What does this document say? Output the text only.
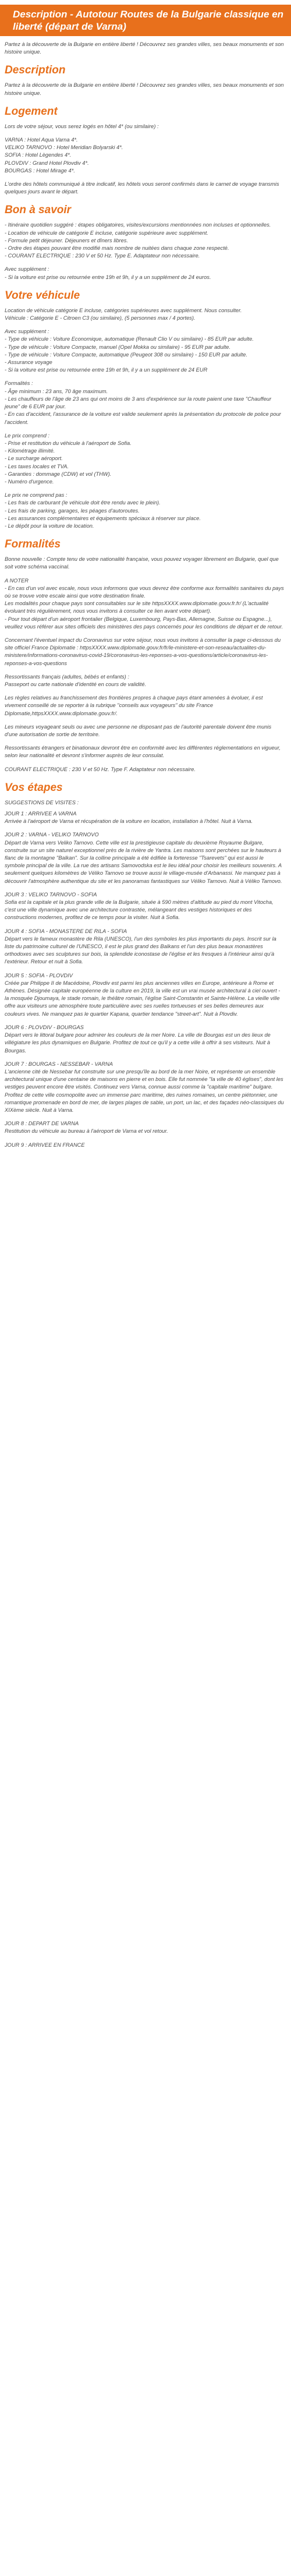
Description - Autotour Routes de la Bulgarie classique en liberté (départ de Varna)
Partez à la découverte de la Bulgarie en entière liberté ! Découvrez ses grandes villes, ses beaux monuments et son histoire unique.
Description
Partez à la découverte de la Bulgarie en entière liberté ! Découvrez ses grandes villes, ses beaux monuments et son histoire unique.
Logement
Lors de votre séjour, vous serez logés en hôtel 4* (ou similaire) :
VARNA : Hotel Aqua Varna 4*.
VELIKO TARNOVO : Hotel Meridian Bolyarski 4*.
SOFIA : Hotel Lègendes 4*.
PLOVDIV : Grand Hotel Plovdiv 4*.
BOURGAS : Hotel Mirage 4*.
L'ordre des hôtels communiqué à titre indicatif, les hôtels vous seront confirmés dans le carnet de voyage transmis quelques jours avant le départ.
Bon à savoir
- Itinéraire quotidien suggéré : étapes obligatoires, visites/excursions mentionnées non incluses et optionnelles.
- Location de véhicule de catégorie E incluse, catégorie supérieure avec supplément.
- Formule petit déjeuner. Déjeuners et dîners libres.
- Ordre des étapes pouvant être modifié mais nombre de nuitées dans chaque zone respecté.
- COURANT ELECTRIQUE : 230 V et 50 Hz. Type E. Adaptateur non nécessaire.
Avec supplément :
- Si la voiture est prise ou retournée entre 19h et 9h, il y a un supplément de 24 euros.
Votre véhicule
Location de véhicule catégorie E incluse, catégories supérieures avec supplément. Nous consulter.
Véhicule : Catégorie E - Citroen C3 (ou similaire), (5 personnes max / 4 portes).
Avec supplément :
- Type de véhicule : Voiture Economique, automatique (Renault Clio V ou similaire) - 85 EUR par adulte.
- Type de véhicule : Voiture Compacte, manuel (Opel Mokka ou similaire) - 95 EUR par adulte.
- Type de véhicule : Voiture Compacte, automatique (Peugeot 308 ou similaire) - 150 EUR par adulte.
- Assurance voyage
- Si la voiture est prise ou retournée entre 19h et 9h, il y a un supplément de 24 EUR
Formalités :
- Âge minimum : 23 ans, 70 âge maximum.
- Les chauffeurs de l'âge de 23 ans qui ont moins de 3 ans d'expérience sur la route paient une taxe "Chauffeur jeune" de 6 EUR par jour.
- En cas d'accident, l'assurance de la voiture est valide seulement après la présentation du protocole de police pour l'accident.
Le prix comprend :
- Prise et restitution du véhicule à l'aéroport de Sofia.
- Kilométrage illimité.
- Le surcharge aéroport.
- Les taxes locales et TVA.
- Garanties : dommage (CDW) et vol (THW).
- Numéro d'urgence.
Le prix ne comprend pas :
- Les frais de carburant (le véhicule doit être rendu avec le plein).
- Les frais de parking, garages, les péages d'autoroutes.
- Les assurances complémentaires et équipements spéciaux à réserver sur place.
- Le dépôt pour la voiture de location.
Formalités
Bonne nouvelle : Compte tenu de votre nationalité française, vous pouvez voyager librement en Bulgarie, quel que soit votre schéma vaccinal.
A NOTER
- En cas d'un vol avec escale, nous vous informons que vous devrez être conforme aux formalités sanitaires du pays où se trouve votre escale ainsi que votre destination finale.
Les modalités pour chaque pays sont consultables sur le site httpsXXXX.www.diplomatie.gouv.fr.fr/ (L'actualité évoluant très régulièrement, nous vous invitons à consulter ce lien avant votre départ).
- Pour tout départ d'un aéroport frontalier (Belgique, Luxembourg, Pays-Bas, Allemagne, Suisse ou Espagne...), veuillez vous référer aux sites officiels des ministères des pays concernés pour les conditions de départ et de retour.
Concernant l'éventuel impact du Coronavirus sur votre séjour, nous vous invitons à consulter la page ci-dessous du site officiel France Diplomatie : httpsXXXX.www.diplomatie.gouv.fr/fr/le-ministere-et-son-reseau/actualites-du-ministere/informations-coronavirus-covid-19/coronavirus-les-reponses-a-vos-questions/article/coronavirus-les-reponses-a-vos-questions
Ressortissants français (adultes, bébés et enfants) :
Passeport ou carte nationale d'identité en cours de validité.
Les règles relatives au franchissement des frontières propres à chaque pays étant amenées à évoluer, il est vivement conseillé de se reporter à la rubrique "conseils aux voyageurs" du site France Diplomatie,httpsXXXX.www.diplomatie.gouv.fr/.
Les mineurs voyageant seuls ou avec une personne ne disposant pas de l'autorité parentale doivent être munis d'une autorisation de sortie de territoire.
Ressortissants étrangers et binationaux devront être en conformité avec les différentes réglementations en vigueur, selon leur nationalité et devront s'informer auprès de leur consulat.
COURANT ELECTRIQUE : 230 V et 50 Hz. Type F. Adaptateur non nécessaire.
Vos étapes
SUGGESTIONS DE VISITES :
JOUR 1 : ARRIVEE A VARNA
Arrivée à l'aéroport de Varna et récupération de la voiture en location, installation à l'hôtel. Nuit à Varna.
JOUR 2 : VARNA - VELIKO TARNOVO
Départ de Varna vers Veliko Tarnovo. Cette ville est la prestigieuse capitale du deuxième Royaume Bulgare, construite sur un site naturel exceptionnel près de la rivière de Yantra. Les maisons sont perchées sur le hauteurs à flanc de la montagne "Balkan". Sur la colline principale a été édifiée la forteresse "Tsarevets" qui est aussi le symbole principal de la ville. La rue des artisans Samovodska est le lieu idéal pour choisir les meilleurs souvenirs. A seulement quelques kilomètres de Véliko Tarnovo se trouve aussi le village-musée d'Arbanassi. Ne manquez pas à découvrir l'atmosphère authentique du site et les panoramas fantastiques sur Véliko Tarnovo. Nuit à Véliko Tarnovo.
JOUR 3 : VELIKO TARNOVO - SOFIA
Sofia est la capitale et la plus grande ville de la Bulgarie, située à 590 mètres d'altitude au pied du mont Vitocha, c'est une ville dynamique avec une architecture contrastée, mélangeant des vestiges historiques et des constructions modernes, profitez de ce temps pour la visiter. Nuit à Sofia.
JOUR 4 : SOFIA - MONASTERE DE RILA - SOFIA
Départ vers le fameux monastère de Rila (UNESCO), l'un des symboles les plus importants du pays. Inscrit sur la liste du patrimoine culturel de l'UNESCO, il est le plus grand des Balkans et l'un des plus beaux monastères orthodoxes avec ses sculptures sur bois, la splendide iconostase de l'église et les fresques à l'intérieur ainsi qu'à l'extérieur. Retour et nuit à Sofia.
JOUR 5 : SOFIA - PLOVDIV
Créée par Philippe II de Macédoine, Plovdiv est parmi les plus anciennes villes en Europe, antérieure à Rome et Athènes. Désignée capitale européenne de la culture en 2019, la ville est un vrai musée architectural à ciel ouvert - la mosquée Djoumaya, le stade romain, le théâtre romain, l'église Saint-Constantin et Sainte-Hélène. La vieille ville offre aux visiteurs une atmosphère toute particulière avec ses ruelles tortueuses et ses belles demeures aux couleurs vives. Ne manquez pas le quartier Kapana, quartier tendance "street-art". Nuit à Plovdiv.
JOUR 6 : PLOVDIV - BOURGAS
Départ vers le littoral bulgare pour admirer les couleurs de la mer Noire. La ville de Bourgas est un des lieux de villégiature les plus dynamiques en Bulgarie. Profitez de tout ce qu'il y a cette ville à offrir à ses visiteurs. Nuit à Bourgas.
JOUR 7 : BOURGAS - NESSEBAR - VARNA
L'ancienne cité de Nessebar fut construite sur une presqu'île au bord de la mer Noire, et représente un ensemble architectural unique d'une centaine de maisons en pierre et en bois. Elle fut nommée "la ville de 40 églises", dont les vestiges peuvent encore être visités. Continuez vers Varna, connue aussi comme la "capitale maritime" bulgare. Profitez de cette ville cosmopolite avec un immense parc maritime, des ruines romaines, un centre piétonnier, une romantique promenade en bord de mer, de larges plages de sable, un port, un lac, et des façades néo-classiques du XIXème siècle. Nuit à Varna.
JOUR 8 : DEPART DE VARNA
Restitution du véhicule au bureau à l'aéroport de Varna et vol retour.
JOUR 9 : ARRIVEE EN FRANCE
